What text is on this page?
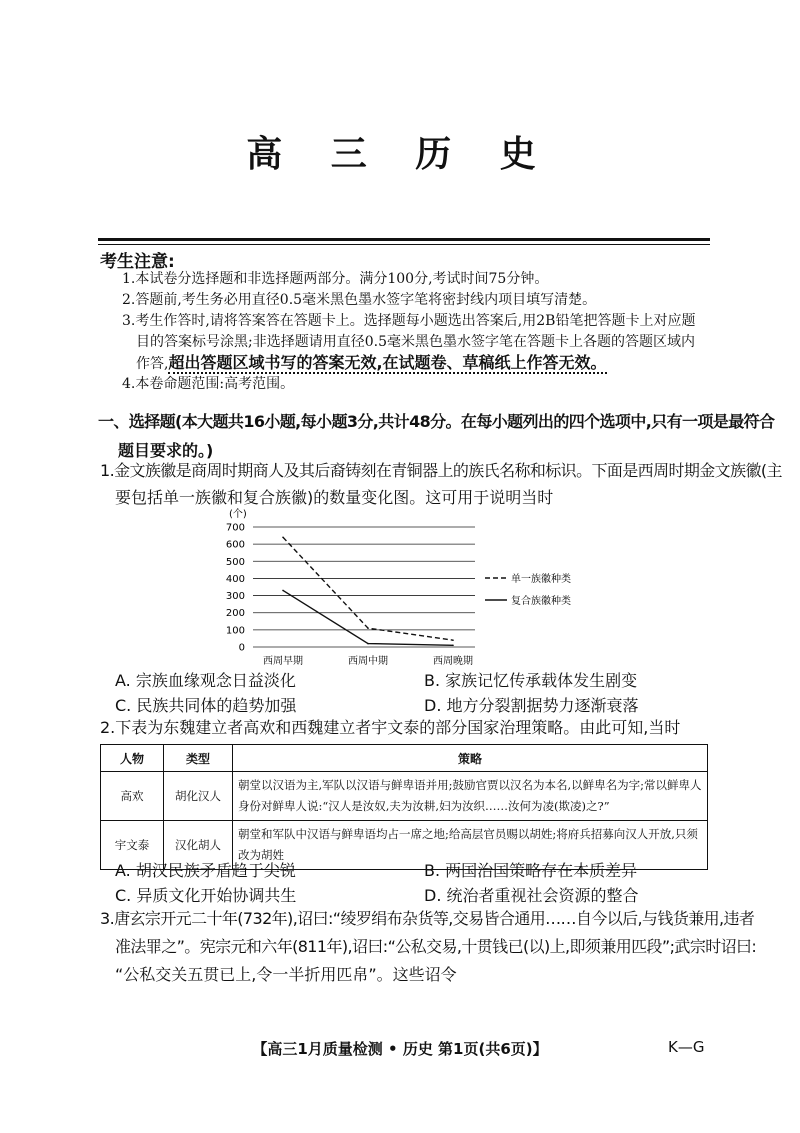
高 三 历 史
考生注意:
1.本试卷分选择题和非选择题两部分。满分100分,考试时间75分钟。
2.答题前,考生务必用直径0.5毫米黑色墨水签字笔将密封线内项目填写清楚。
3.考生作答时,请将答案答在答题卡上。选择题每小题选出答案后,用2B铅笔把答题卡上对应题
目的答案标号涂黑;非选择题请用直径0.5毫米黑色墨水签字笔在答题卡上各题的答题区域内
作答,超出答题区域书写的答案无效,在试题卷、草稿纸上作答无效。
4.本卷命题范围:高考范围。
一、选择题(本大题共16小题,每小题3分,共计48分。在每小题列出的四个选项中,只有一项是最符合
题目要求的。)
1.金文族徽是商周时期商人及其后裔铸刻在青铜器上的族氏名称和标识。下面是西周时期金文族徽(主
要包括单一族徽和复合族徽)的数量变化图。这可用于说明当时
(个)
0
100
200
300
400
500
600
700
西周早期	西周中期	西周晚期
单一族徽种类
复合族徽种类
A. 宗族血缘观念日益淡化	B. 家族记忆传承载体发生剧变
C. 民族共同体的趋势加强	D. 地方分裂割据势力逐渐衰落
2.下表为东魏建立者高欢和西魏建立者宇文泰的部分国家治理策略。由此可知,当时
人物	类型	策略
高欢	胡化汉人	朝堂以汉语为主,军队以汉语与鲜卑语并用;鼓励官贾以汉名为本名,以鲜卑名为字;常以鲜卑人身份对鲜卑人说:“汉人是汝奴,夫为汝耕,妇为汝织……汝何为凌(欺凌)之?”
宇文泰	汉化胡人	朝堂和军队中汉语与鲜卑语均占一席之地;给高层官员赐以胡姓;将府兵招募向汉人开放,只须改为胡姓
A. 胡汉民族矛盾趋于尖锐	B. 两国治国策略存在本质差异
C. 异质文化开始协调共生	D. 统治者重视社会资源的整合
3.唐玄宗开元二十年(732年),诏曰:“绫罗绢布杂货等,交易皆合通用……自今以后,与钱货兼用,违者
准法罪之”。宪宗元和六年(811年),诏曰:“公私交易,十贯钱已(以)上,即须兼用匹段”;武宗时诏曰:
“公私交关五贯已上,令一半折用匹帛”。这些诏令
【高三1月质量检测 • 历史 第1页(共6页)】	K—G
